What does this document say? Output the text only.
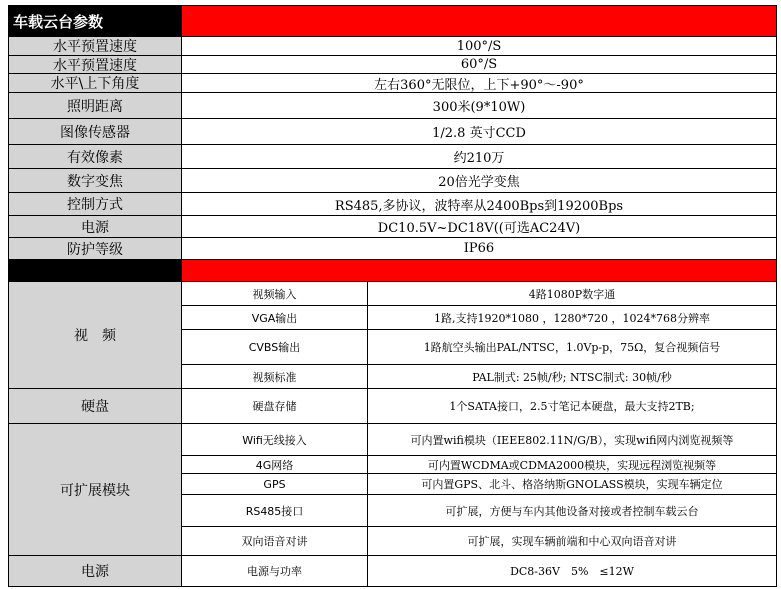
车载云台参数
水平预置速度	100°/S
水平预置速度	60°/S
水平\上下角度	左右360°无限位，上下+90°～-90°
照明距离	300米(9*10W)
图像传感器	1/2.8 英寸CCD
有效像素	约210万
数字变焦	20倍光学变焦
控制方式	RS485,多协议，波特率从2400Bps到19200Bps
电源	DC10.5V~DC18V((可选AC24V)
防护等级	IP66
视　频
视频输入	4路1080P数字通
VGA输出	1路,支持1920*1080 ，1280*720 ，1024*768分辨率
CVBS输出	1路航空头输出PAL/NTSC，1.0Vp-p，75Ω，复合视频信号
视频标准	PAL制式: 25帧/秒; NTSC制式: 30帧/秒
硬盘	硬盘存储	1个SATA接口，2.5寸笔记本硬盘，最大支持2TB;
可扩展模块
Wifi无线接入	可内置wifi模块（IEEE802.11N/G/B），实现wifi网内浏览视频等
4G网络	可内置WCDMA或CDMA2000模块，实现远程浏览视频等
GPS	可内置GPS、北斗、格洛纳斯GNOLASS模块，实现车辆定位
RS485接口	可扩展，方便与车内其他设备对接或者控制车载云台
双向语音对讲	可扩展，实现车辆前端和中心双向语音对讲
电源	电源与功率	DC8-36V　5%　≤12W
